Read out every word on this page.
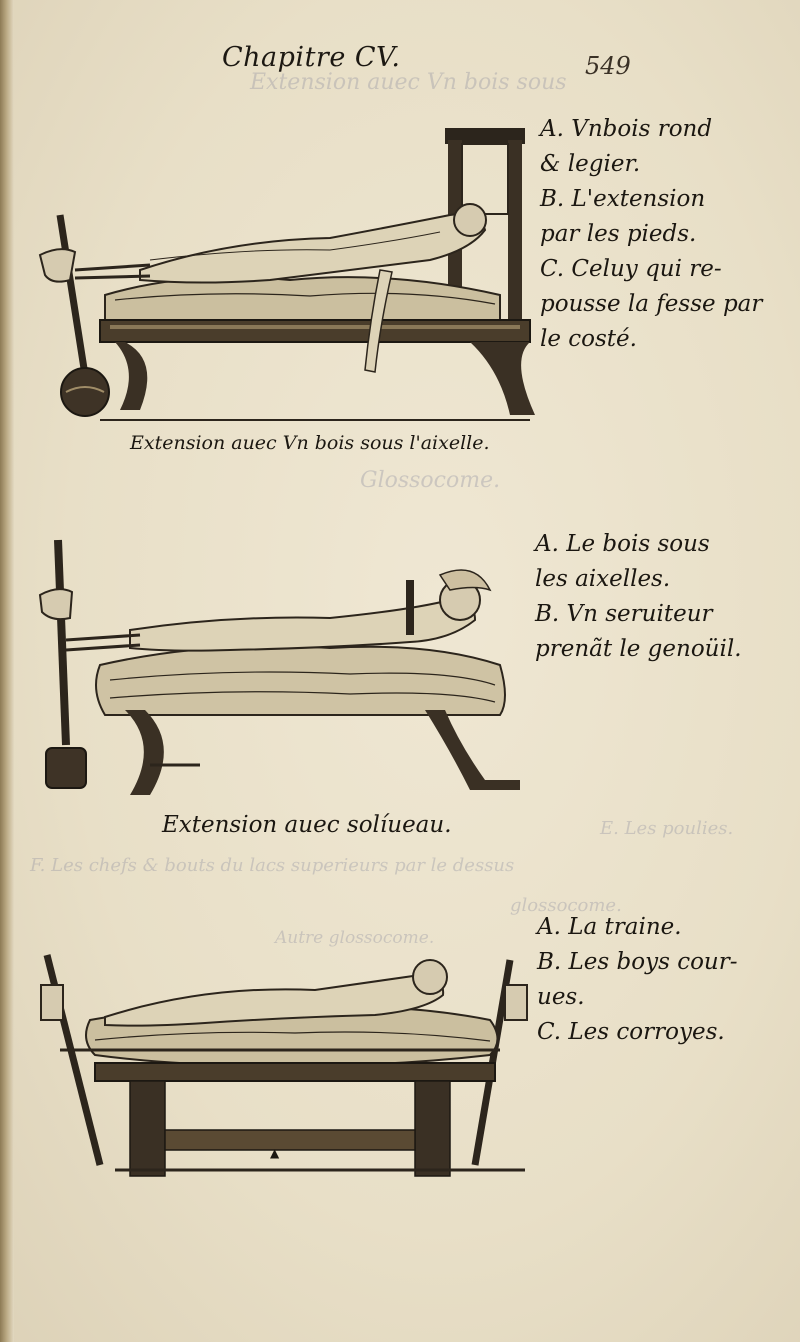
Extension auec Vn bois sous
Glossocome.
E. Les poulies.
F. Les chefs & bouts du lacs superieurs par le dessus
glossocome.
Autre glossocome.
Chapitre CV.	549
A. Vnbois rond
& legier.
B. L'extension
par les pieds.
C. Celuy qui re-
pousse la fesse par
le costé.
Extension auec Vn bois sous l'aixelle.
A. Le bois sous
les aixelles.
B. Vn seruiteur
prenãt le genoüil.
Extension auec solíueau.
▲
A. La traine.
B. Les boys cour-
ues.
C. Les corroyes.
